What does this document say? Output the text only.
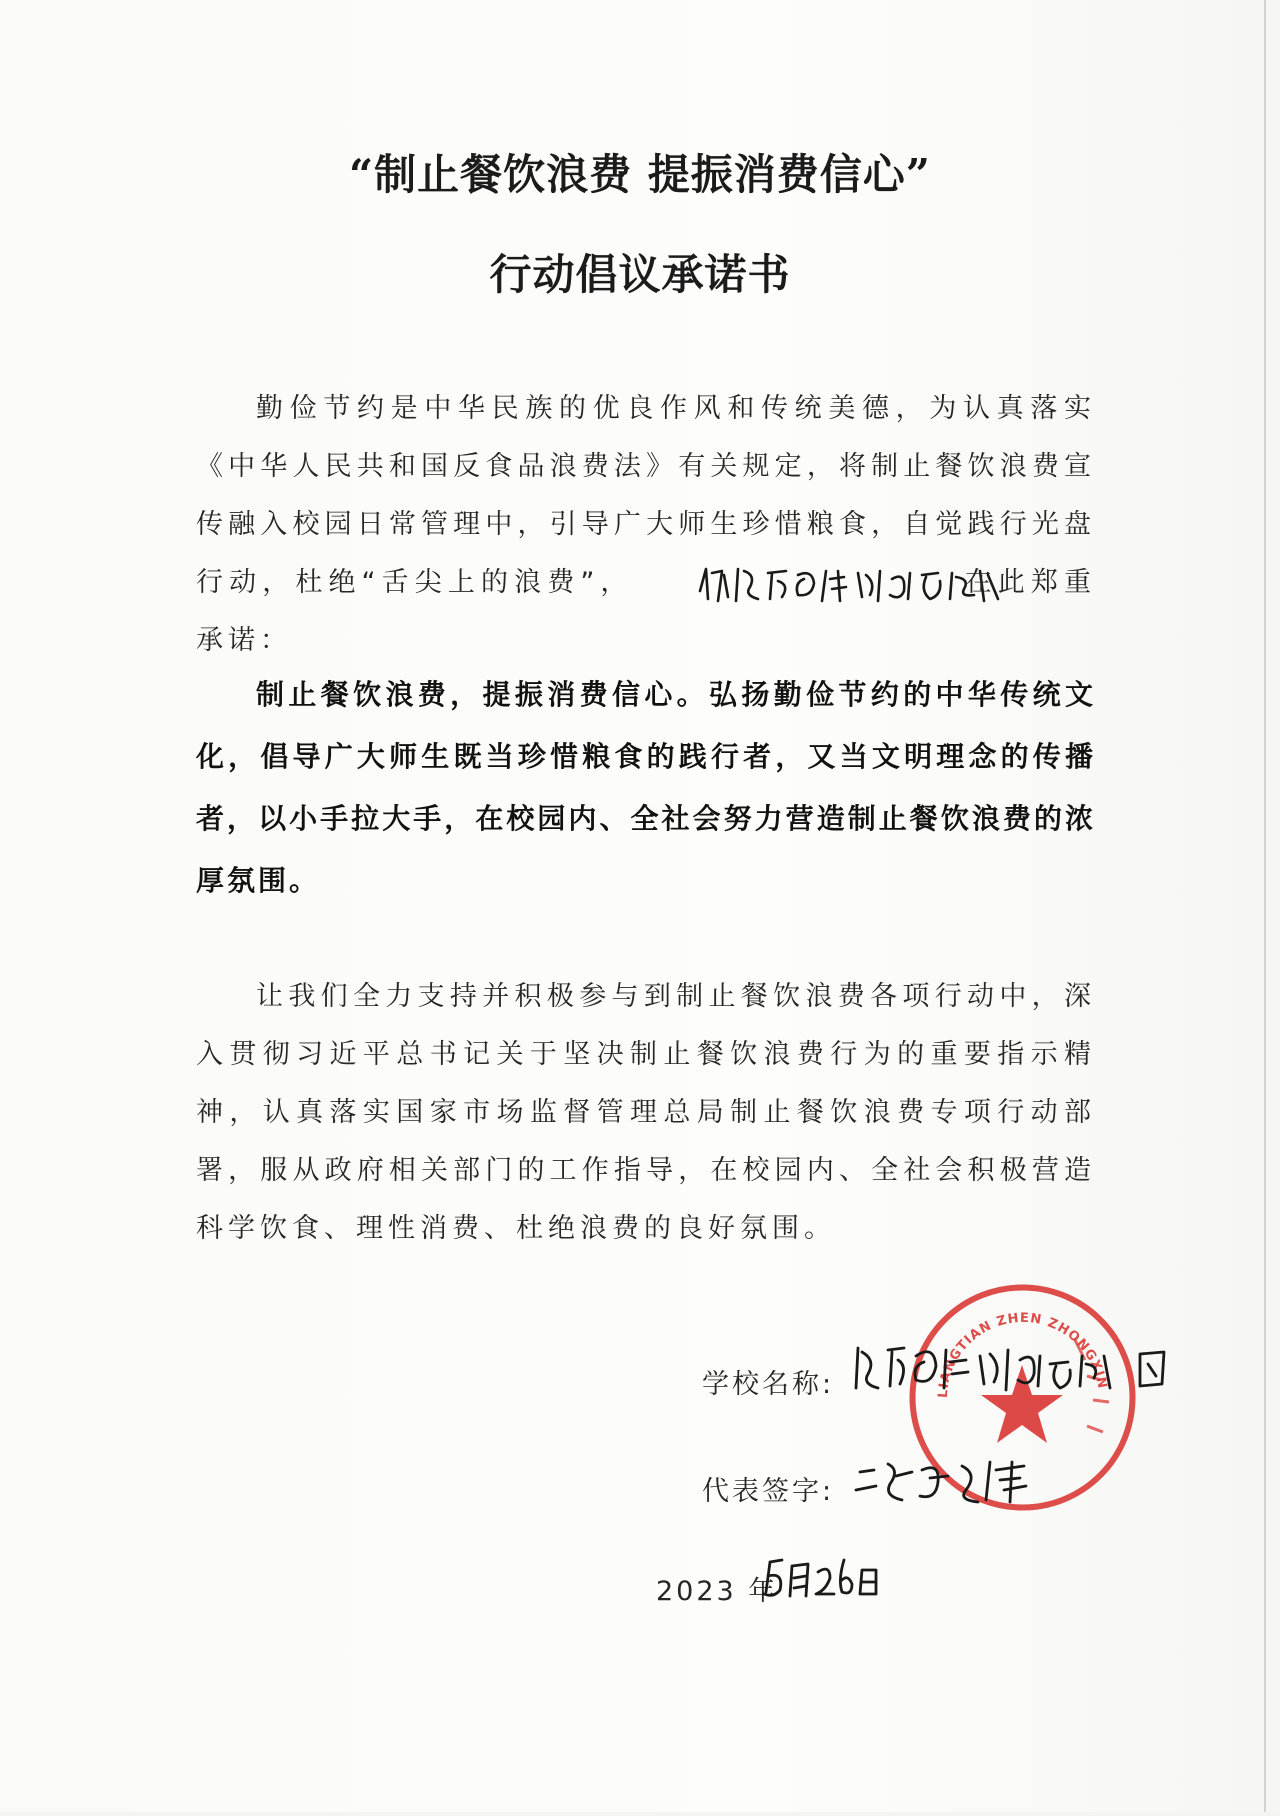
“制止餐饮浪费 提振消费信心”
行动倡议承诺书
勤俭节约是中华民族的优良作风和传统美德，为认真落实《中华人民共和国反食品浪费法》有关规定，将制止餐饮浪费宣传融入校园日常管理中，引导广大师生珍惜粮食，自觉践行光盘行动，杜绝“舌尖上的浪费”，	在此郑重承诺：
制止餐饮浪费，提振消费信心。弘扬勤俭节约的中华传统文化，倡导广大师生既当珍惜粮食的践行者，又当文明理念的传播者，以小手拉大手，在校园内、全社会努力营造制止餐饮浪费的浓厚氛围。
让我们全力支持并积极参与到制止餐饮浪费各项行动中，深入贯彻习近平总书记关于坚决制止餐饮浪费行为的重要指示精神，认真落实国家市场监督管理总局制止餐饮浪费专项行动部署，服从政府相关部门的工作指导，在校园内、全社会积极营造科学饮食、理性消费、杜绝浪费的良好氛围。
学校名称:
代表签字:
2023 年
LIANGTIAN ZHEN ZHONGXIN
